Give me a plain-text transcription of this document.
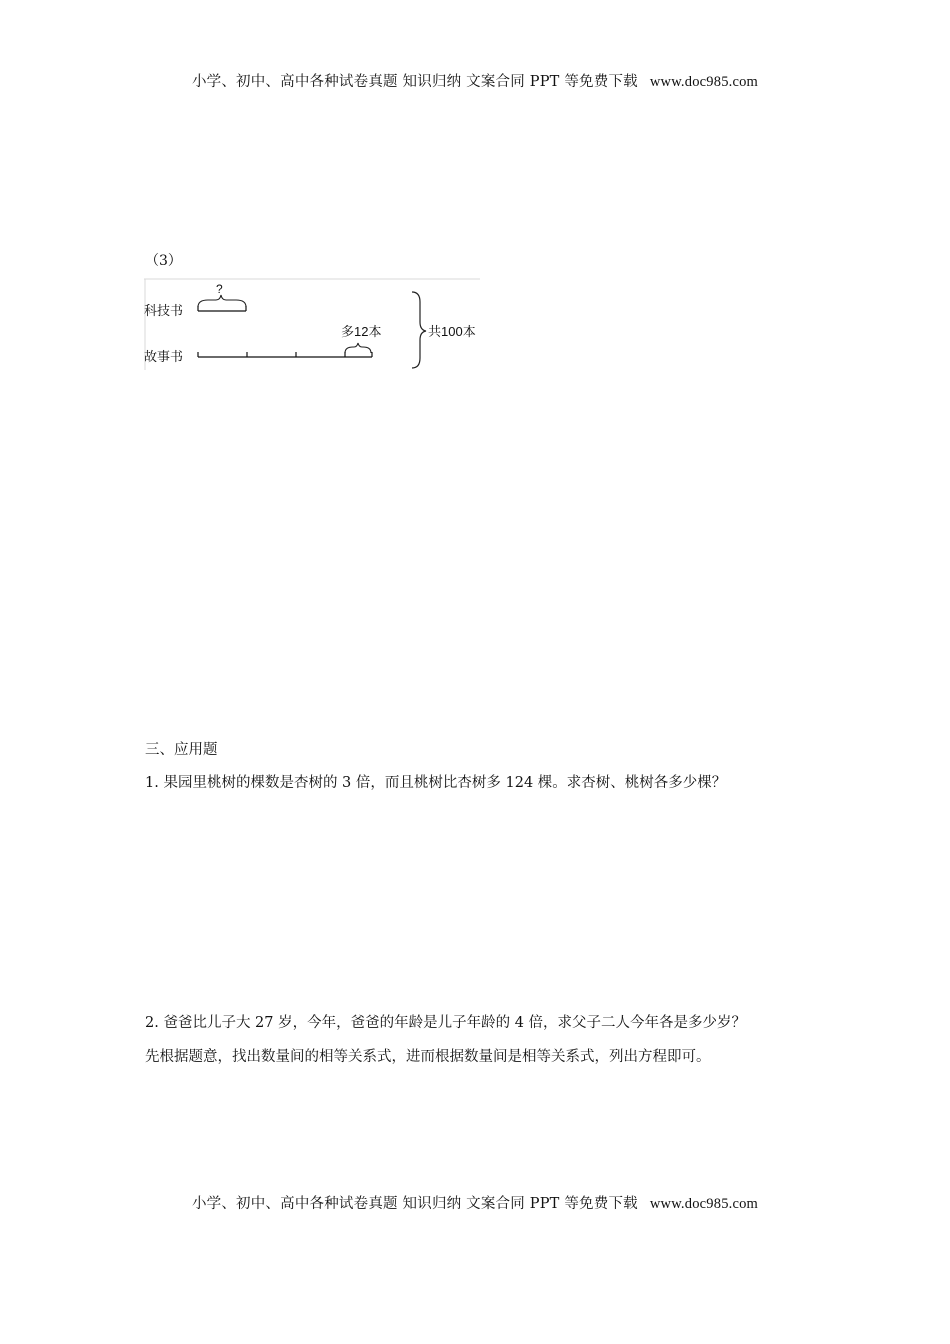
小学、初中、高中各种试卷真题 知识归纳 文案合同 PPT 等免费下载 www.doc985.com
（3）
科技书
?
故事书
多12本	共100本
三、应用题
1. 果园里桃树的棵数是杏树的 3 倍，而且桃树比杏树多 124 棵。求杏树、桃树各多少棵？
2. 爸爸比儿子大 27 岁，今年，爸爸的年龄是儿子年龄的 4 倍，求父子二人今年各是多少岁？
先根据题意，找出数量间的相等关系式，进而根据数量间是相等关系式，列出方程即可。
小学、初中、高中各种试卷真题 知识归纳 文案合同 PPT 等免费下载 www.doc985.com
